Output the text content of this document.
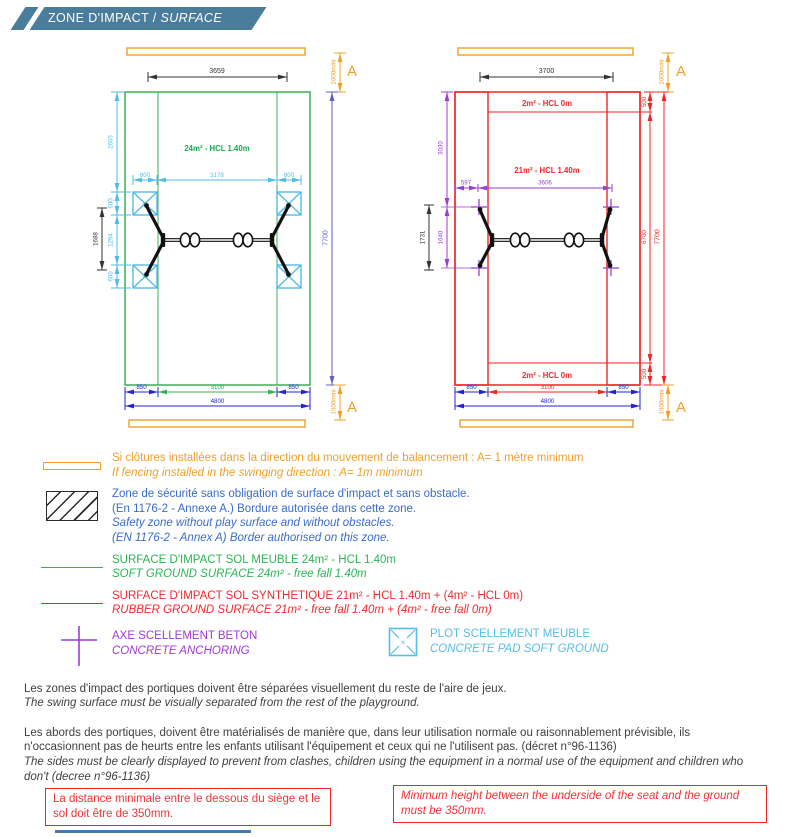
ZONE D'IMPACT / SURFACE
24m² - HCL 1.40m
3659	1000mini A
7700
2603
600
1294
600
1688
600	3178	600
850	3100	850
4800	1000mini A
2m² - HCL 0m
21m² - HCL 1.40m
2m² - HCL 0m
3700	1000mini A
3030
597	3606
1640
1731
500
6700
500
7700
850	3100	850
4800	1000mini A
Si clôtures installées dans la direction du mouvement de balancement : A= 1 mètre minimum
If fencing installed in the swinging direction : A= 1m minimum
Zone de sécurité sans obligation de surface d'impact et sans obstacle.
(En 1176-2 - Annexe A.) Bordure autorisée dans cette zone.
Safety zone without play surface and without obstacles.
(EN 1176-2 - Annex A) Border authorised on this zone.
SURFACE D'IMPACT SOL MEUBLE 24m² - HCL 1.40m
SOFT GROUND SURFACE 24m² - free fall 1.40m
SURFACE D'IMPACT SOL SYNTHETIQUE 21m² - HCL 1.40m + (4m² - HCL 0m)
RUBBER GROUND SURFACE 21m² - free fall 1.40m + (4m² - free fall 0m)
AXE SCELLEMENT BETON
CONCRETE ANCHORING
×
PLOT SCELLEMENT MEUBLE
CONCRETE PAD SOFT GROUND

Les zones d'impact des portiques doivent être séparées visuellement du reste de l'aire de jeux.
The swing surface must be visually separated from the rest of the playground.

Les abords des portiques, doivent être matérialisés de manière que, dans leur utilisation normale ou raisonnablement prévisible, ils n'occasionnent pas de heurts entre les enfants utilisant l'équipement et ceux qui ne l'utilisent pas. (décret n°96-1136)
The sides must be clearly displayed to prevent from clashes, children using the equipment in a normal use of the equipment and children who don't (decree n°96-1136)

La distance minimale entre le dessous du siège et le sol doit être de 350mm.
Minimum height between the underside of the seat and the ground must be 350mm.
